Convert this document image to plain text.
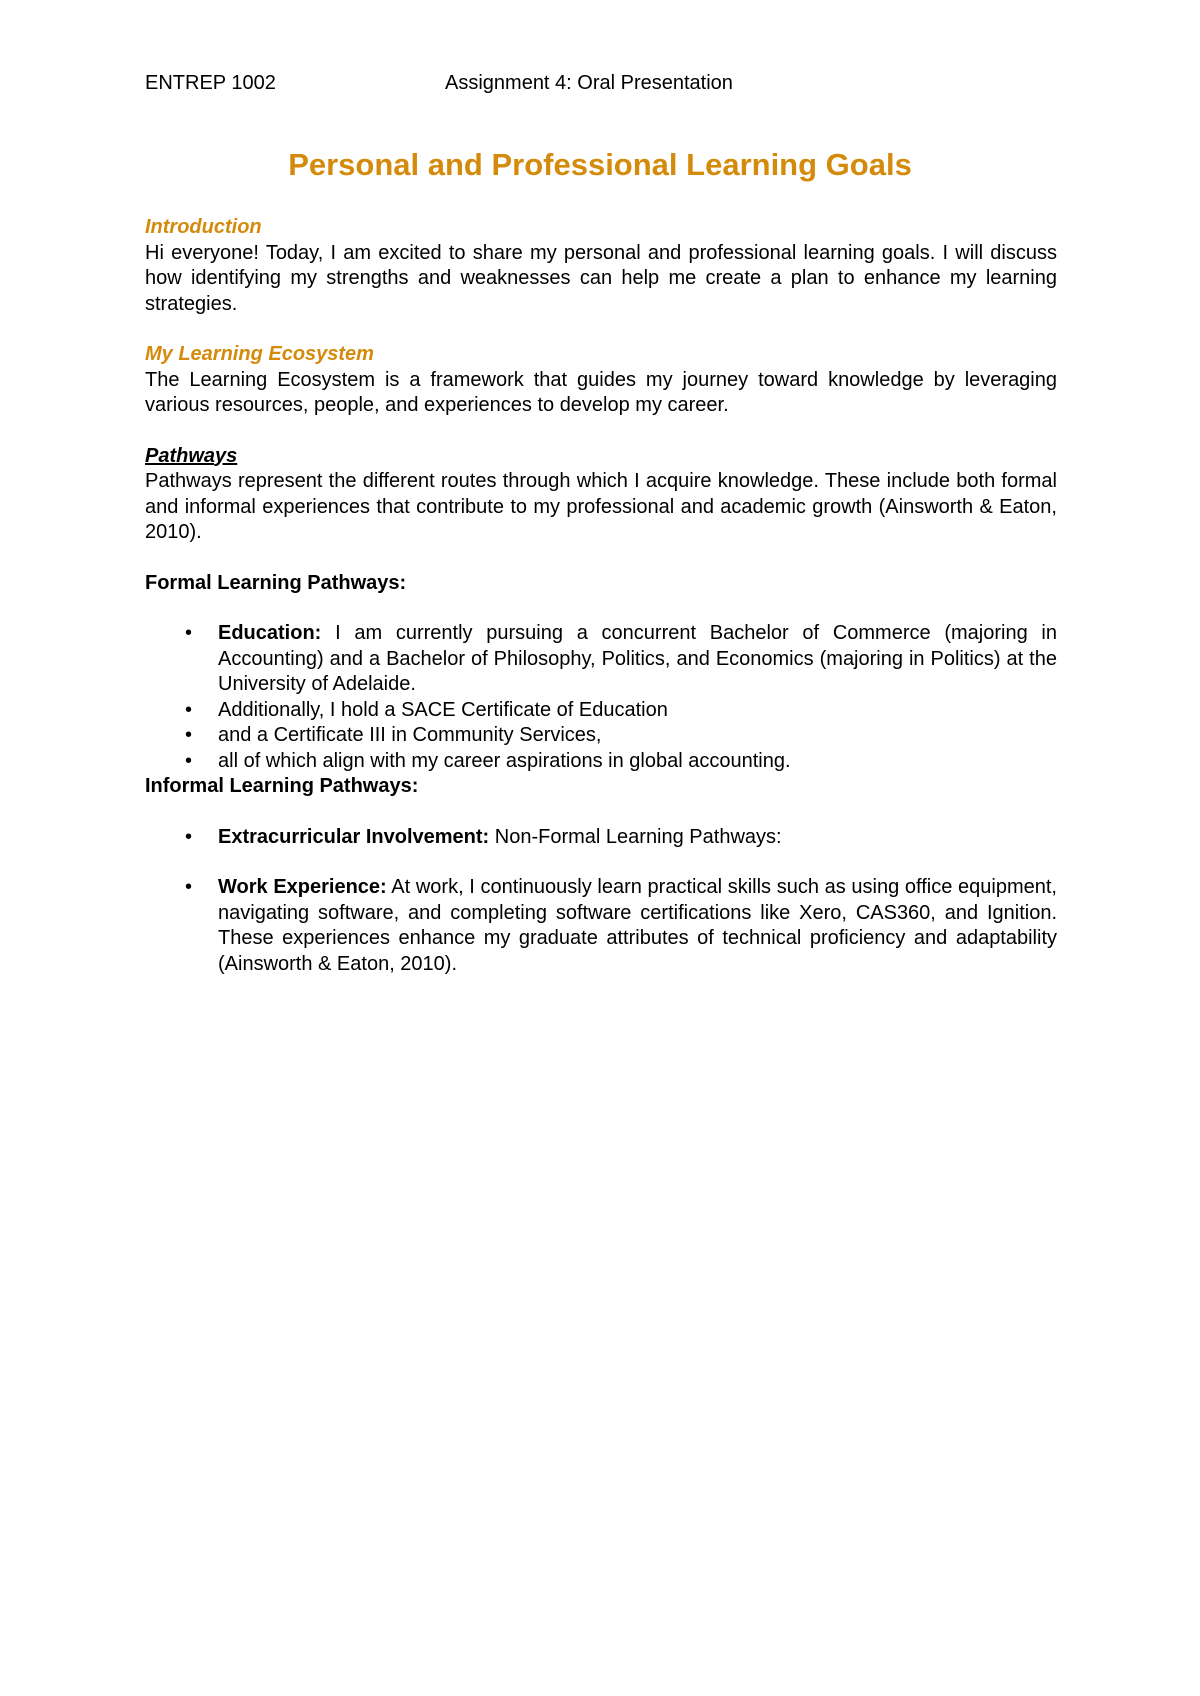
ENTREP 1002	Assignment 4: Oral Presentation
Personal and Professional Learning Goals

Introduction

Hi everyone! Today, I am excited to share my personal and professional learning goals. I will discuss how identifying my strengths and weaknesses can help me create a plan to enhance my learning strategies.

My Learning Ecosystem

The Learning Ecosystem is a framework that guides my journey toward knowledge by leveraging various resources, people, and experiences to develop my career.

Pathways

Pathways represent the different routes through which I acquire knowledge. These include both formal and informal experiences that contribute to my professional and academic growth (Ainsworth & Eaton, 2010).

Formal Learning Pathways:

• Education: I am currently pursuing a concurrent Bachelor of Commerce (majoring in Accounting) and a Bachelor of Philosophy, Politics, and Economics (majoring in Politics) at the University of Adelaide.
• Additionally, I hold a SACE Certificate of Education
• and a Certificate III in Community Services,
• all of which align with my career aspirations in global accounting.

Informal Learning Pathways:

• Extracurricular Involvement: Non-Formal Learning Pathways:
• Work Experience: At work, I continuously learn practical skills such as using office equipment, navigating software, and completing software certifications like Xero, CAS360, and Ignition. These experiences enhance my graduate attributes of technical proficiency and adaptability (Ainsworth & Eaton, 2010).
